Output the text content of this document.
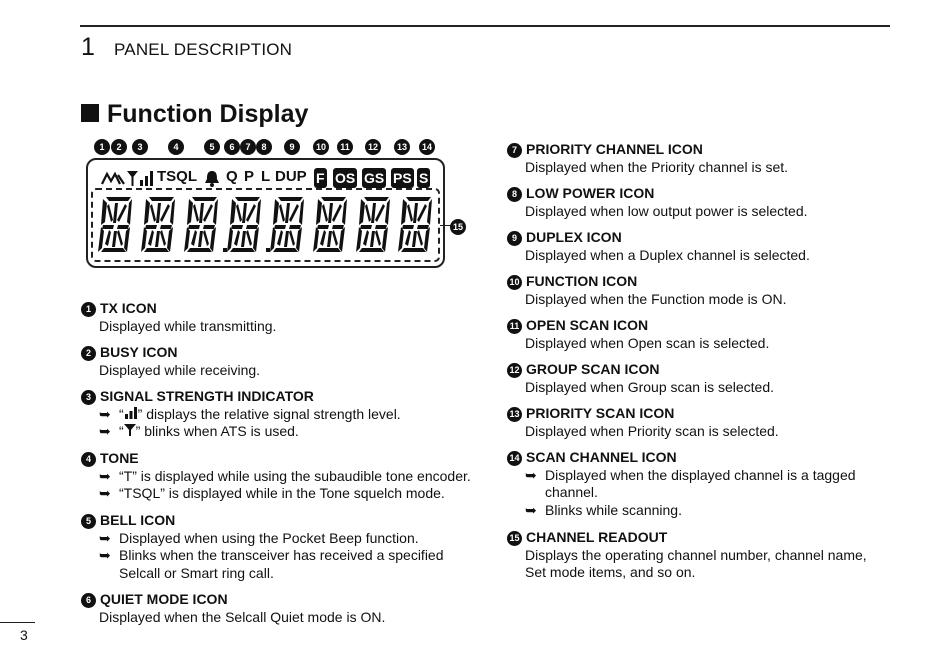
1 PANEL DESCRIPTION
Function Display
1	2	3	4	5	6	7	8	9	10	11	12	13	14
TSQL Q P L DUP F OS GS PS S
15
1 TX ICON
Displayed while transmitting.
2 BUSY ICON
Displayed while receiving.
3 SIGNAL STRENGTH INDICATOR
➥ “ ” displays the relative signal strength level.
➥ “ ” blinks when ATS is used.
4 TONE
➥ “T” is displayed while using the subaudible tone encoder.
➥ “TSQL” is displayed while in the Tone squelch mode.
5 BELL ICON
➥ Displayed when using the Pocket Beep function.
➥ Blinks when the transceiver has received a specified
Selcall or Smart ring call.
6 QUIET MODE ICON
Displayed when the Selcall Quiet mode is ON.
7 PRIORITY CHANNEL ICON
Displayed when the Priority channel is set.
8 LOW POWER ICON
Displayed when low output power is selected.
9 DUPLEX ICON
Displayed when a Duplex channel is selected.
10 FUNCTION ICON
Displayed when the Function mode is ON.
11 OPEN SCAN ICON
Displayed when Open scan is selected.
12 GROUP SCAN ICON
Displayed when Group scan is selected.
13 PRIORITY SCAN ICON
Displayed when Priority scan is selected.
14 SCAN CHANNEL ICON
➥ Displayed when the displayed channel is a tagged
channel.
➥ Blinks while scanning.
15 CHANNEL READOUT
Displays the operating channel number, channel name,
Set mode items, and so on.
3
